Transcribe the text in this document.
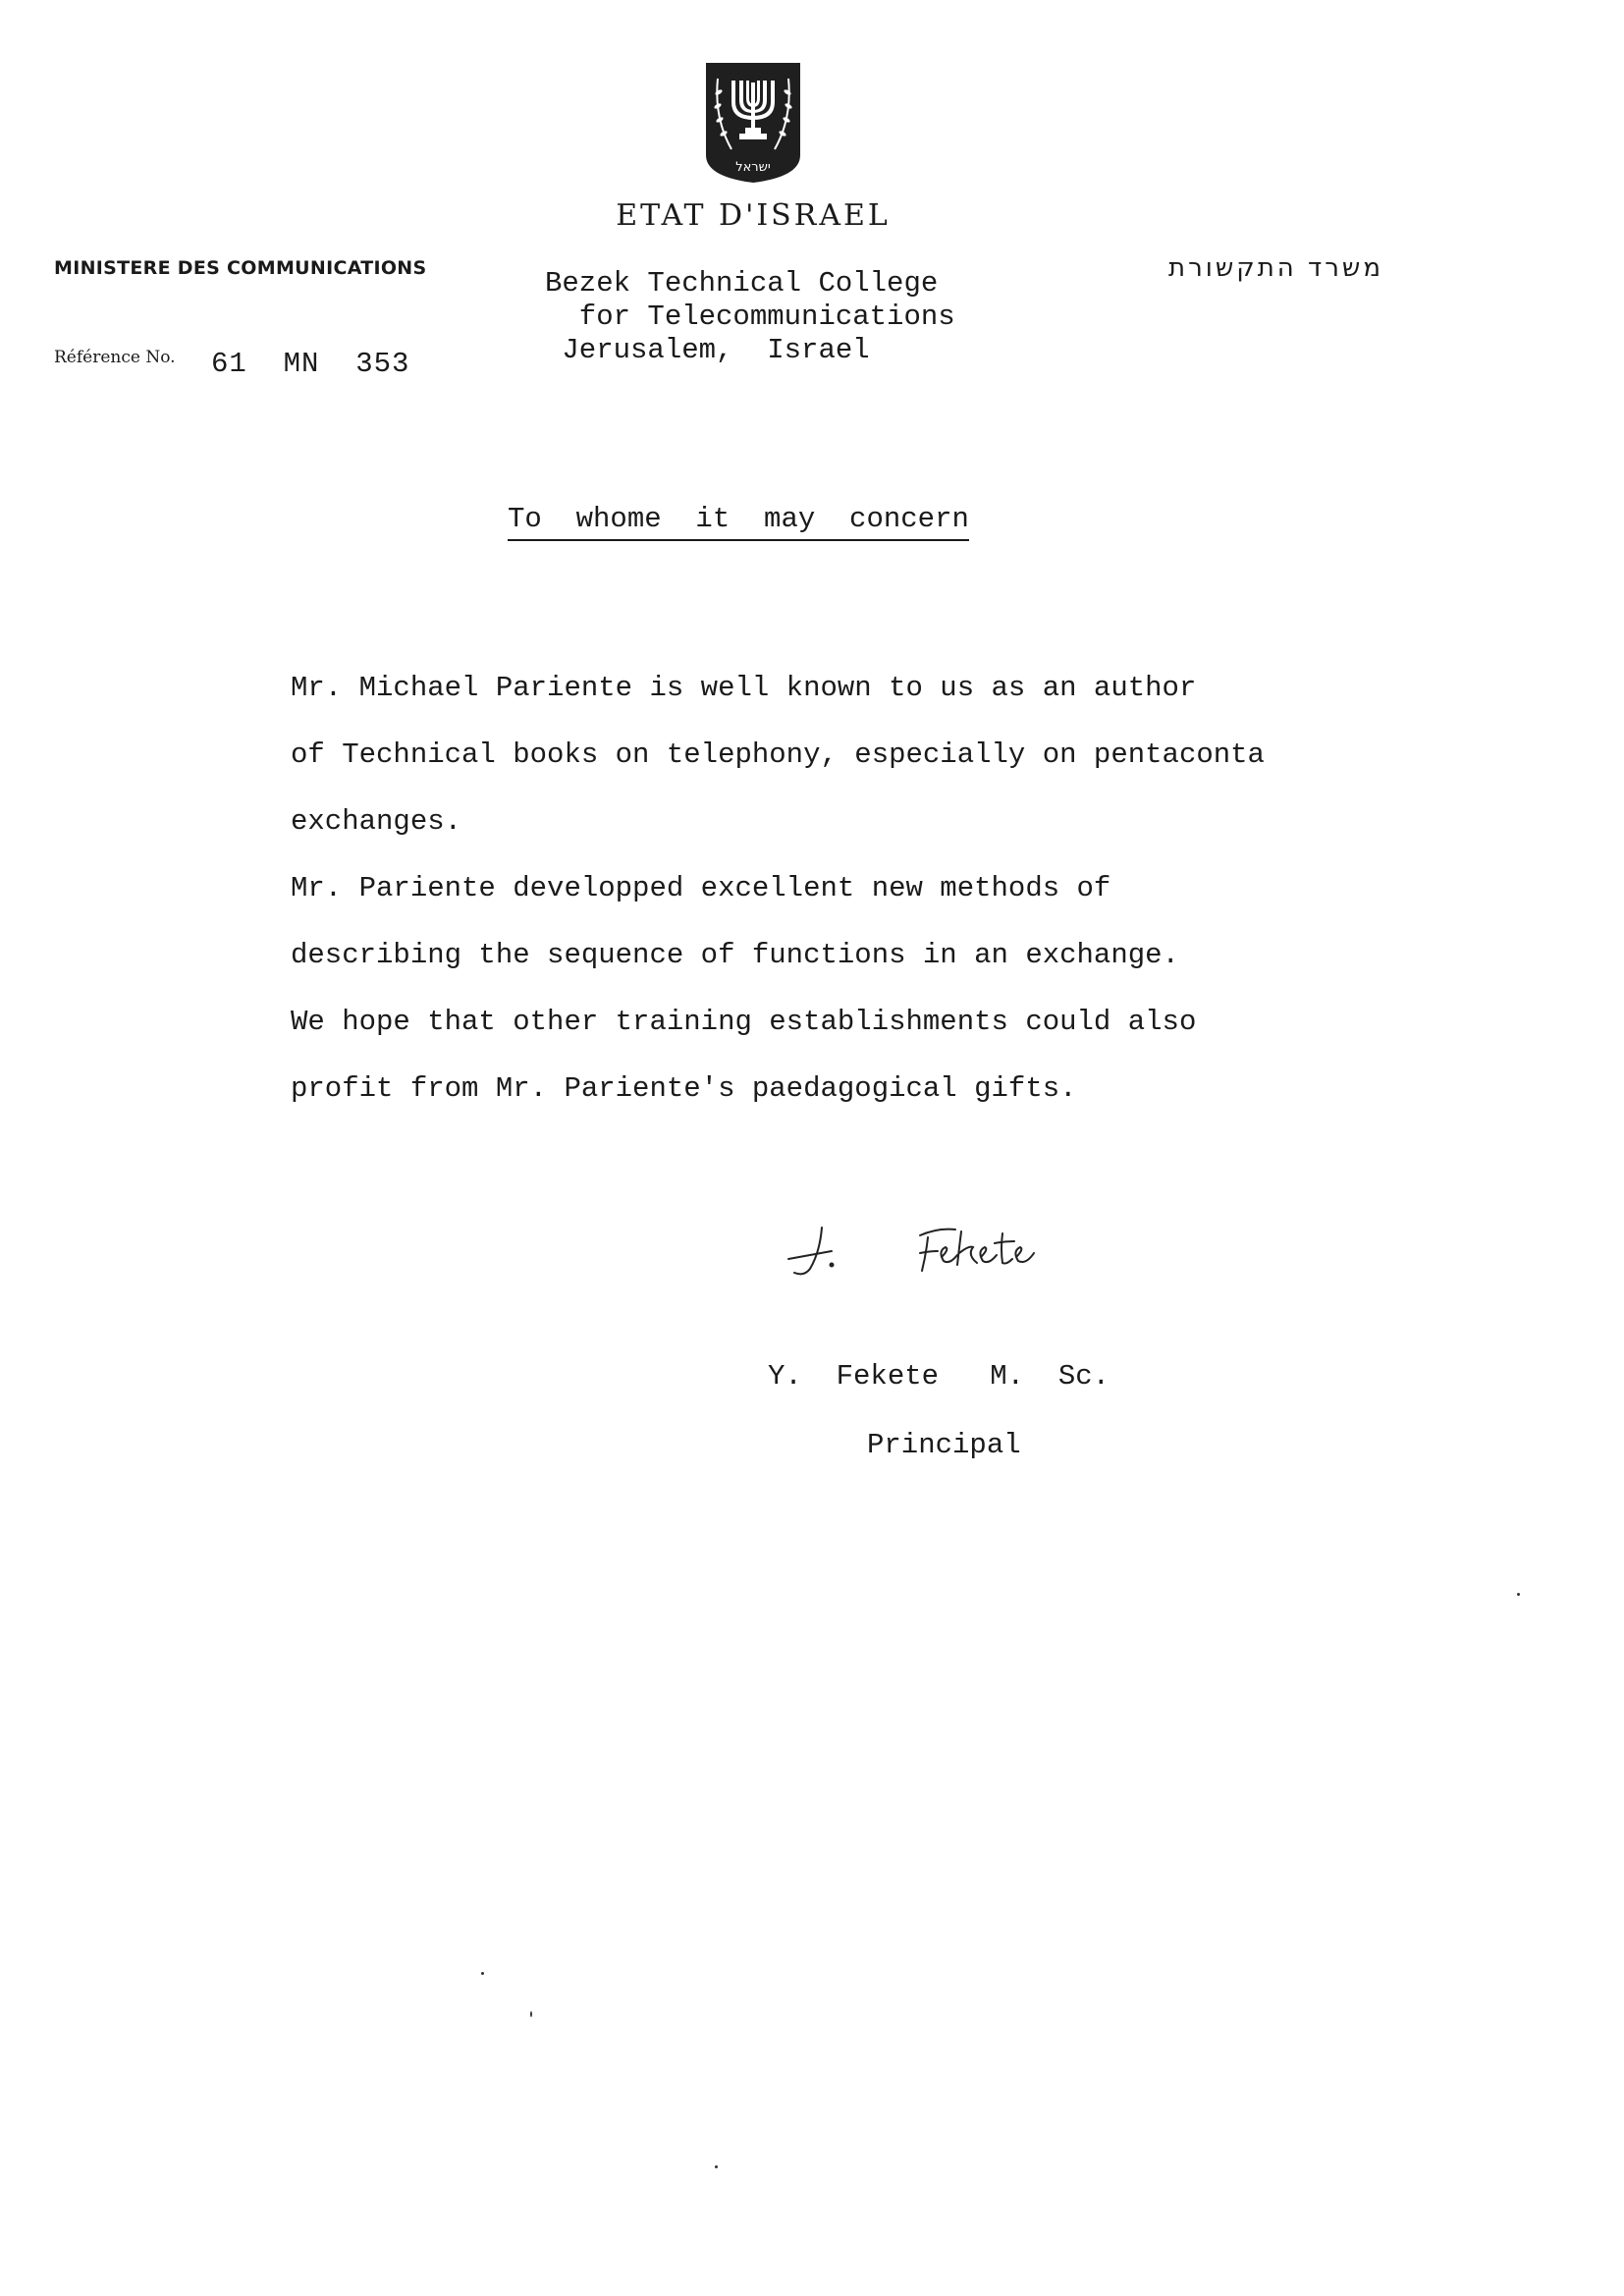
ישראל
ETAT D'ISRAEL
MINISTERE DES COMMUNICATIONS	משרד התקשורת
Bezek Technical College
for Telecommunications
Jerusalem,  Israel
Référence No. 61  MN  353
To  whome  it  may  concern
Mr. Michael Pariente is well known to us as an author
of Technical books on telephony, especially on pentaconta
exchanges.
Mr. Pariente developped excellent new methods of
describing the sequence of functions in an exchange.
We hope that other training establishments could also
profit from Mr. Pariente's paedagogical gifts.
Y.  Fekete   M.  Sc.
Principal
